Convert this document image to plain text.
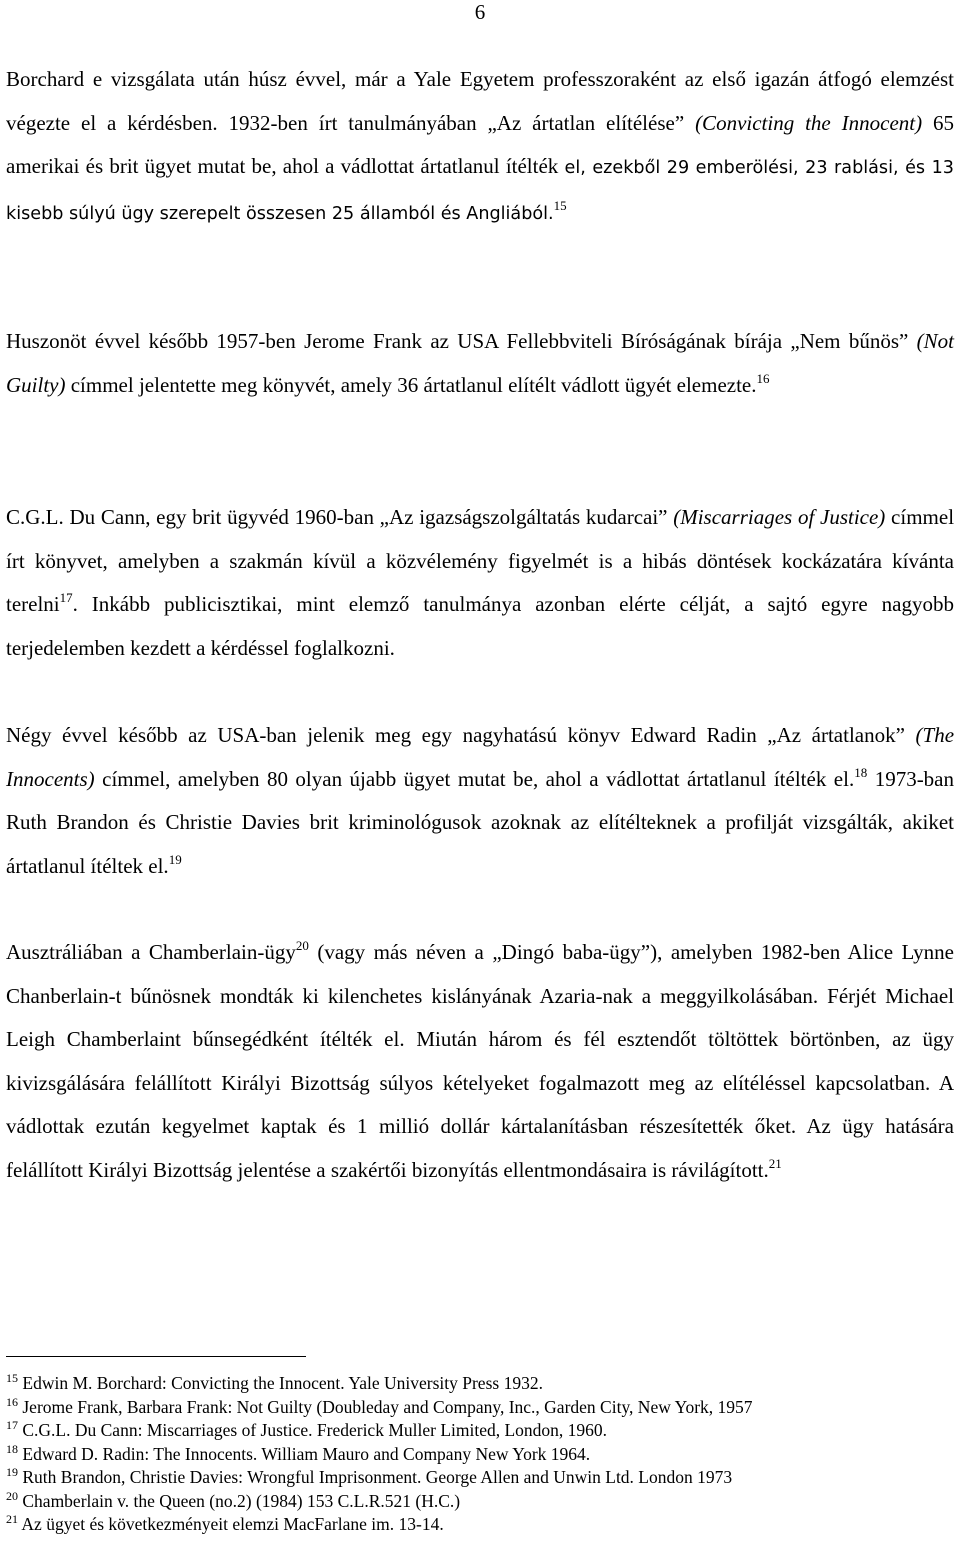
6

Borchard e vizsgálata után húsz évvel, már a Yale Egyetem professzoraként az első igazán átfogó elemzést végezte el a kérdésben. 1932-ben írt tanulmányában „Az ártatlan elítélése” (Convicting the Innocent) 65 amerikai és brit ügyet mutat be, ahol a vádlottat ártatlanul ítélték el, ezekből 29 emberölési, 23 rablási, és 13 kisebb súlyú ügy szerepelt összesen 25 államból és Angliából.$^{15}$

Huszonöt évvel később 1957-ben Jerome Frank az USA Fellebbviteli Bíróságának bírája „Nem bűnös” (Not Guilty) címmel jelentette meg könyvét, amely 36 ártatlanul elítélt vádlott ügyét elemezte.$^{16}$

C.G.L. Du Cann, egy brit ügyvéd 1960-ban „Az igazságszolgáltatás kudarcai” (Miscarriages of Justice) címmel írt könyvet, amelyben a szakmán kívül a közvélemény figyelmét is a hibás döntések kockázatára kívánta terelni$^{17}$. Inkább publicisztikai, mint elemző tanulmánya azonban elérte célját, a sajtó egyre nagyobb terjedelemben kezdett a kérdéssel foglalkozni.

Négy évvel később az USA-ban jelenik meg egy nagyhatású könyv Edward Radin „Az ártatlanok” (The Innocents) címmel, amelyben 80 olyan újabb ügyet mutat be, ahol a vádlottat ártatlanul ítélték el.$^{18}$ 1973-ban Ruth Brandon és Christie Davies brit kriminológusok azoknak az elítélteknek a profilját vizsgálták, akiket ártatlanul ítéltek el.$^{19}$

Ausztráliában a Chamberlain-ügy$^{20}$ (vagy más néven a „Dingó baba-ügy”), amelyben 1982-ben Alice Lynne Chanberlain-t bűnösnek mondták ki kilenchetes kislányának Azaria-nak a meggyilkolásában. Férjét Michael Leigh Chamberlaint bűnsegédként ítélték el. Miután három és fél esztendőt töltöttek börtönben, az ügy kivizsgálására felállított Királyi Bizottság súlyos kételyeket fogalmazott meg az elítéléssel kapcsolatban. A vádlottak ezután kegyelmet kaptak és 1 millió dollár kártalanításban részesítették őket. Az ügy hatására felállított Királyi Bizottság jelentése a szakértői bizonyítás ellentmondásaira is rávilágított.$^{21}$

$^{15}$ Edwin M. Borchard: Convicting the Innocent. Yale University Press 1932.
$^{16}$ Jerome Frank, Barbara Frank: Not Guilty (Doubleday and Company, Inc., Garden City, New York, 1957
$^{17}$ C.G.L. Du Cann: Miscarriages of Justice. Frederick Muller Limited, London, 1960.
$^{18}$ Edward D. Radin: The Innocents. William Mauro and Company New York 1964.
$^{19}$ Ruth Brandon, Christie Davies: Wrongful Imprisonment. George Allen and Unwin Ltd. London 1973
$^{20}$ Chamberlain v. the Queen (no.2) (1984) 153 C.L.R.521 (H.C.)
$^{21}$ Az ügyet és következményeit elemzi MacFarlane im. 13-14.
